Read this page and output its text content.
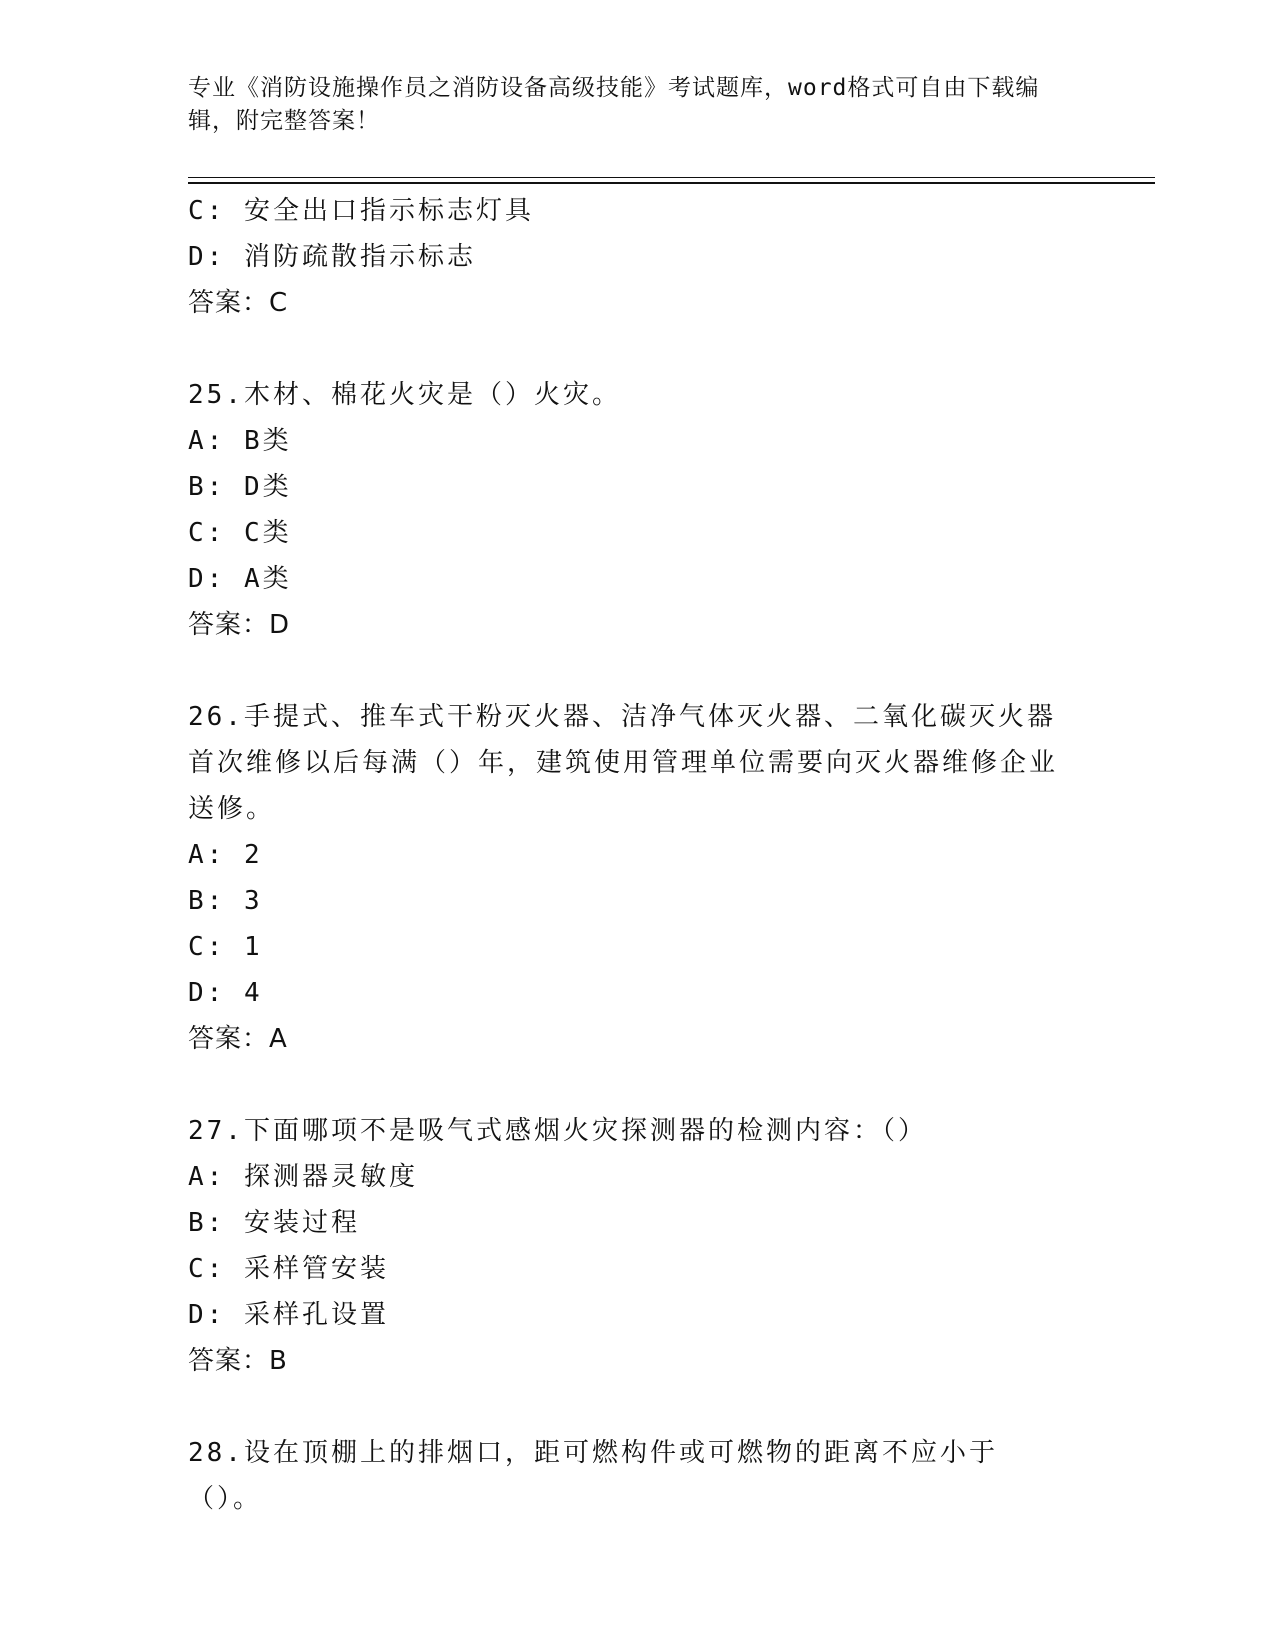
专业《消防设施操作员之消防设备高级技能》考试题库，word格式可自由下载编辑，附完整答案！
C: 安全出口指示标志灯具
D: 消防疏散指示标志
答案：C
25.木材、棉花火灾是（）火灾。
A: B类
B: D类
C: C类
D: A类
答案：D
26.手提式、推车式干粉灭火器、洁净气体灭火器、二氧化碳灭火器首次维修以后每满（）年，建筑使用管理单位需要向灭火器维修企业送修。
A: 2
B: 3
C: 1
D: 4
答案：A
27.下面哪项不是吸气式感烟火灾探测器的检测内容：（）
A: 探测器灵敏度
B: 安装过程
C: 采样管安装
D: 采样孔设置
答案：B
28.设在顶棚上的排烟口，距可燃构件或可燃物的距离不应小于（）。
